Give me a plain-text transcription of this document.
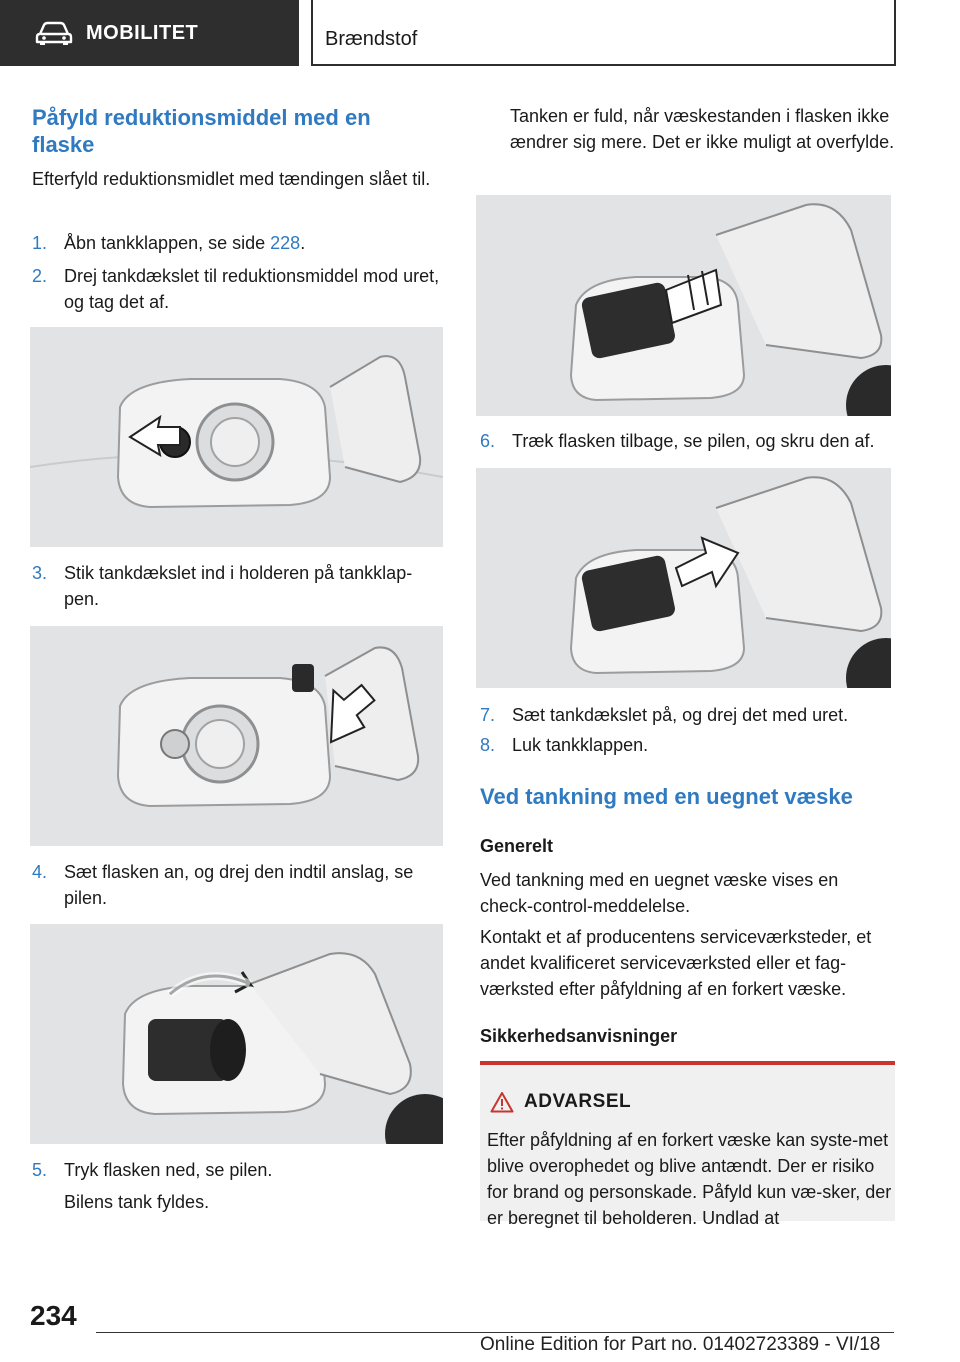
MOBILITET	Brændstof
Påfyld reduktionsmiddel med en flaske
Efterfyld reduktionsmidlet med tændingen slået til.
1. Åbn tankklappen, se side 228.
2. Drej tankdækslet til reduktionsmiddel mod uret, og tag det af.
3. Stik tankdækslet ind i holderen på tankklap-pen.
4. Sæt flasken an, og drej den indtil anslag, se pilen.
5. Tryk flasken ned, se pilen.
Bilens tank fyldes.
Tanken er fuld, når væskestanden i flasken ikke ændrer sig mere. Det er ikke muligt at overfylde.
6. Træk flasken tilbage, se pilen, og skru den af.
7. Sæt tankdækslet på, og drej det med uret.
8. Luk tankklappen.
Ved tankning med en uegnet væske
Generelt
Ved tankning med en uegnet væske vises en check-control-meddelelse.
Kontakt et af producentens serviceværksteder, et andet kvalificeret serviceværksted eller et fag-værksted efter påfyldning af en forkert væske.
Sikkerhedsanvisninger
ADVARSEL
Efter påfyldning af en forkert væske kan syste-met blive overophedet og blive antændt. Der er risiko for brand og personskade. Påfyld kun væ-sker, der er beregnet til beholderen. Undlad at
234
Online Edition for Part no. 01402723389 - VI/18
